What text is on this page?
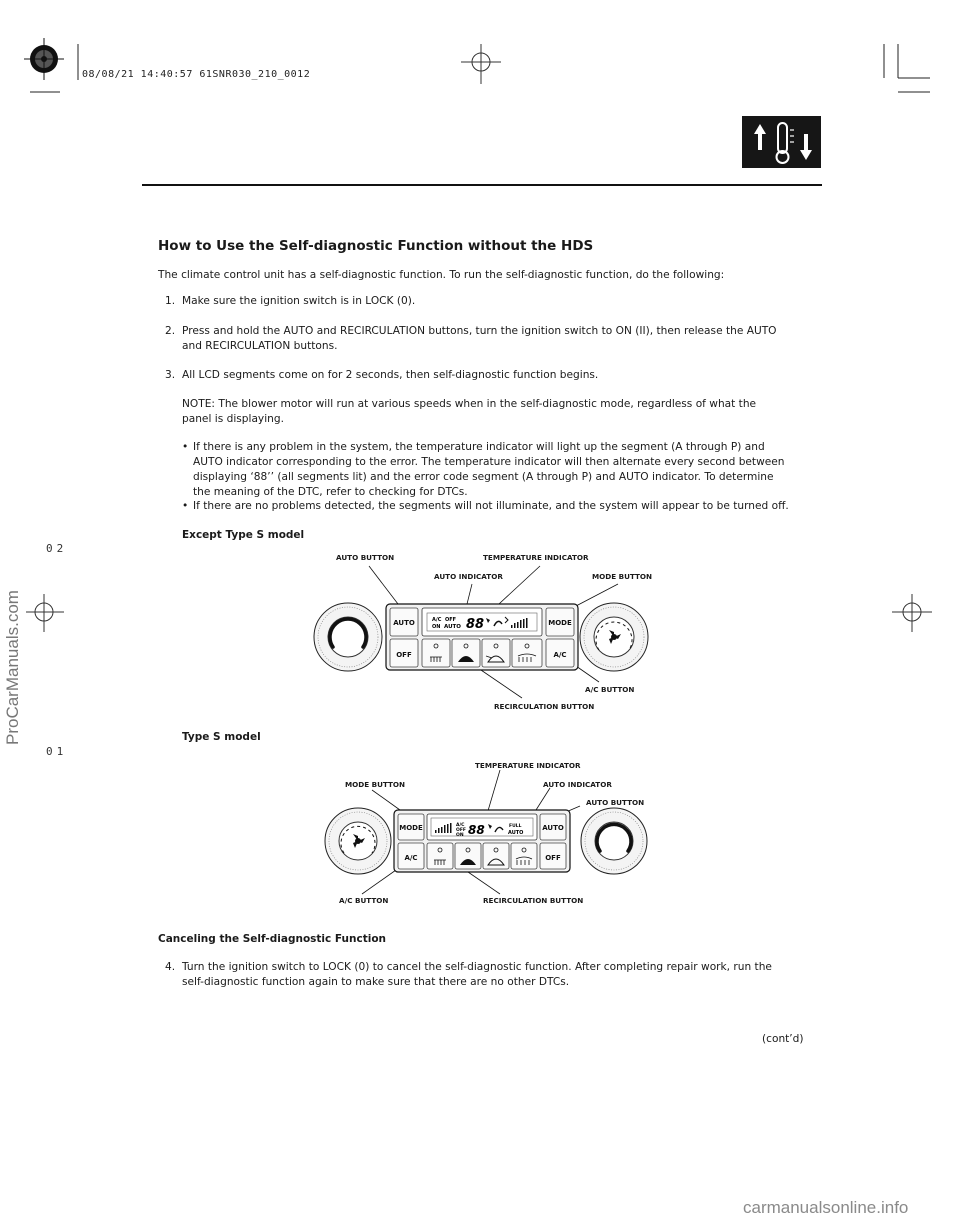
08/08/21 14:40:57 61SNR030_210_0012
How to Use the Self-diagnostic Function without the HDS
The climate control unit has a self-diagnostic function. To run the self-diagnostic function, do the following:
1. Make sure the ignition switch is in LOCK (0).
2. Press and hold the AUTO and RECIRCULATION buttons, turn the ignition switch to ON (II), then release the AUTO
and RECIRCULATION buttons.
3. All LCD segments come on for 2 seconds, then self-diagnostic function begins.
NOTE: The blower motor will run at various speeds when in the self-diagnostic mode, regardless of what the
panel is displaying.
• If there is any problem in the system, the temperature indicator will light up the segment (A through P) and
AUTO indicator corresponding to the error. The temperature indicator will then alternate every second between
displaying ‘88’’ (all segments lit) and the error code segment (A through P) and AUTO indicator. To determine
the meaning of the DTC, refer to checking for DTCs.
• If there are no problems detected, the segments will not illuminate, and the system will appear to be turned off.
Except Type S model
AUTO BUTTON	TEMPERATURE INDICATOR
AUTO INDICATOR	MODE BUTTON
A/C BUTTON
RECIRCULATION BUTTON
AUTO
OFF
MODE
A/C
A/C OFF
ON AUTO 88
Type S model
TEMPERATURE INDICATOR
AUTO INDICATOR
MODE BUTTON
AUTO BUTTON
A/C BUTTON	RECIRCULATION BUTTON
MODE
A/C
AUTO
OFF
A/C
OFF
ON 88	FULL
AUTO
Canceling the Self-diagnostic Function
4. Turn the ignition switch to LOCK (0) to cancel the self-diagnostic function. After completing repair work, run the
self-diagnostic function again to make sure that there are no other DTCs.
(cont’d)
ProCarManuals.com
02
01
carmanualsonline.info
